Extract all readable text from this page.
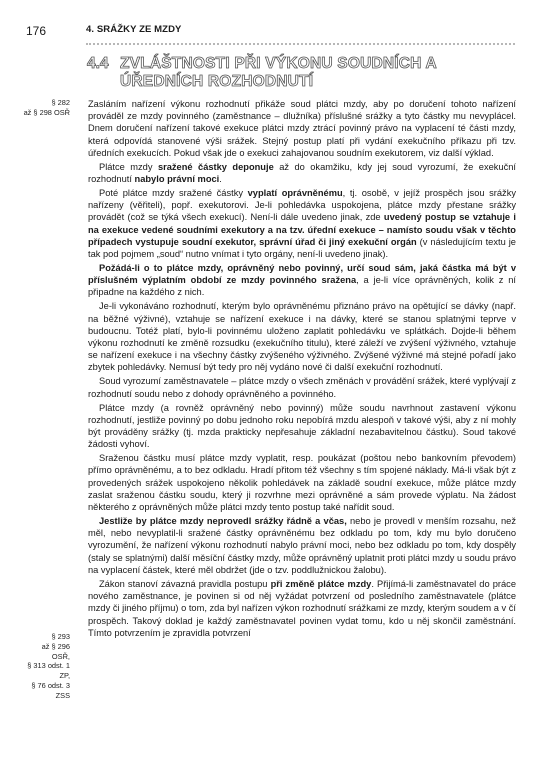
176	4. SRÁŽKY ZE MZDY
4.4 ZVLÁŠTNOSTI PŘI VÝKONU SOUDNÍCH A ÚŘEDNÍCH ROZHODNUTÍ
§ 282
až § 298 OSŘ
§ 293
až § 296 OSŘ,
§ 313 odst. 1 ZP,
§ 76 odst. 3 ZSS

Zasláním nařízení výkonu rozhodnutí přikáže soud plátci mzdy, aby po doručení tohoto nařízení prováděl ze mzdy povinného (zaměstnance – dlužníka) příslušné srážky a tyto částky mu nevyplácel. Dnem doručení nařízení takové exekuce plátci mzdy ztrácí povinný právo na vyplacení té části mzdy, která odpovídá stanovené výši srážek. Stejný postup platí při vydání exekučního příkazu při tzv. úředních exekucích. Pokud však jde o exekuci zahajovanou soudním exekutorem, viz další výklad.

Plátce mzdy sražené částky deponuje až do okamžiku, kdy jej soud vyrozumí, že exekuční rozhodnutí nabylo právní moci.

Poté plátce mzdy sražené částky vyplatí oprávněnému, tj. osobě, v jejíž prospěch jsou srážky nařízeny (věřiteli), popř. exekutorovi. Je-li pohledávka uspokojena, plátce mzdy přestane srážky provádět (což se týká všech exekucí). Není-li dále uvedeno jinak, zde uvedený postup se vztahuje i na exekuce vedené soudními exekutory a na tzv. úřední exekuce – namísto soudu však v těchto případech vystupuje soudní exekutor, správní úřad či jiný exekuční orgán (v následujícím textu je tak pod pojmem „soud“ nutno vnímat i tyto orgány, není-li uvedeno jinak).

Požádá-li o to plátce mzdy, oprávněný nebo povinný, určí soud sám, jaká částka má být v příslušném výplatním období ze mzdy povinného sražena, a je-li více oprávněných, kolik z ní připadne na každého z nich.

Je-li vykonáváno rozhodnutí, kterým bylo oprávněnému přiznáno právo na opětující se dávky (např. na běžné výživné), vztahuje se nařízení exekuce i na dávky, které se stanou splatnými teprve v budoucnu. Totéž platí, bylo-li povinnému uloženo zaplatit pohledávku ve splátkách. Dojde-li během výkonu rozhodnutí ke změně rozsudku (exekučního titulu), které záleží ve zvýšení výživného, vztahuje se nařízení exekuce i na všechny částky zvýšeného výživného. Zvýšené výživné má stejné pořadí jako zbytek pohledávky. Nemusí být tedy pro něj vydáno nové či další exekuční rozhodnutí.

Soud vyrozumí zaměstnavatele – plátce mzdy o všech změnách v provádění srážek, které vyplývají z rozhodnutí soudu nebo z dohody oprávněného a povinného.

Plátce mzdy (a rovněž oprávněný nebo povinný) může soudu navrhnout zastavení výkonu rozhodnutí, jestliže povinný po dobu jednoho roku nepobírá mzdu alespoň v takové výši, aby z ní mohly být prováděny srážky (tj. mzda prakticky nepřesahuje základní nezabavitelnou částku). Soud takové žádosti vyhoví.

Sraženou částku musí plátce mzdy vyplatit, resp. poukázat (poštou nebo bankovním převodem) přímo oprávněnému, a to bez odkladu. Hradí přitom též všechny s tím spojené náklady. Má-li však být z provedených srážek uspokojeno několik pohledávek na základě soudní exekuce, může plátce mzdy zaslat sraženou částku soudu, který ji rozvrhne mezi oprávněné a sám provede výplatu. Na žádost některého z oprávněných může plátci mzdy tento postup také nařídit soud.

Jestliže by plátce mzdy neprovedl srážky řádně a včas, nebo je provedl v menším rozsahu, než měl, nebo nevyplatil-li sražené částky oprávněnému bez odkladu po tom, kdy mu bylo doručeno vyrozumění, že nařízení výkonu rozhodnutí nabylo právní moci, nebo bez odkladu po tom, kdy dospěly (staly se splatnými) další měsíční částky mzdy, může oprávněný uplatnit proti plátci mzdy u soudu právo na vyplacení částek, které měl obdržet (jde o tzv. poddlužnickou žalobu).

Zákon stanoví závazná pravidla postupu při změně plátce mzdy. Přijímá-li zaměstnavatel do práce nového zaměstnance, je povinen si od něj vyžádat potvrzení od posledního zaměstnavatele (plátce mzdy či jiného příjmu) o tom, zda byl nařízen výkon rozhodnutí srážkami ze mzdy, kterým soudem a v čí prospěch. Takový doklad je každý zaměstnavatel povinen vydat tomu, kdo u něj skončil zaměstnání. Tímto potvrzením je zpravidla potvrzení
